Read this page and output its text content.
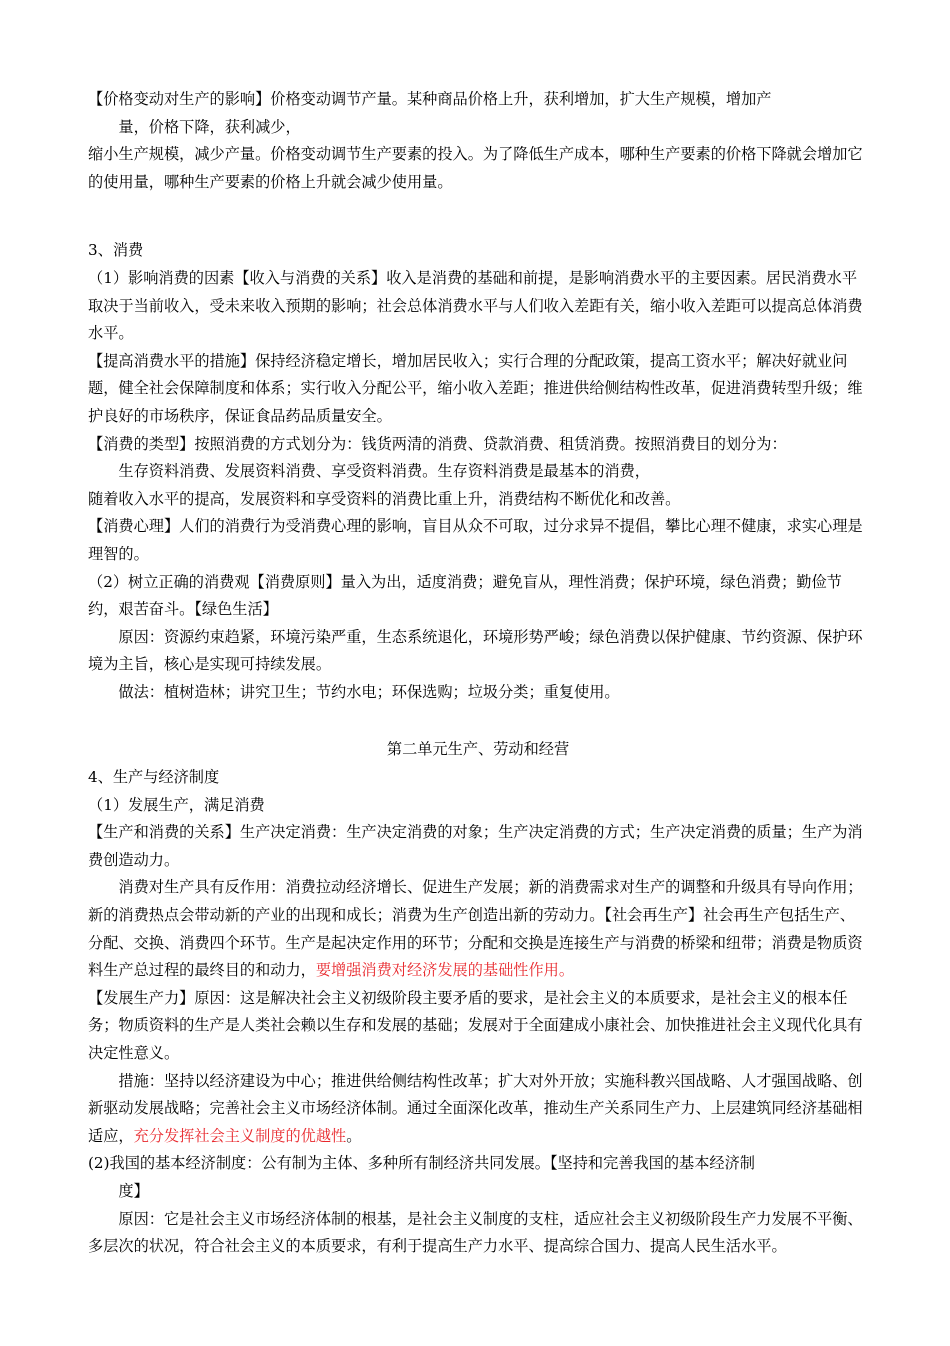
【价格变动对生产的影响】价格变动调节产量。某种商品价格上升，获利增加，扩大生产规模，增加产

量，价格下降，获利减少，

缩小生产规模，减少产量。价格变动调节生产要素的投入。为了降低生产成本，哪种生产要素的价格下降就会增加它的使用量，哪种生产要素的价格上升就会减少使用量。

3、消费

（1）影响消费的因素【收入与消费的关系】收入是消费的基础和前提，是影响消费水平的主要因素。居民消费水平取决于当前收入，受未来收入预期的影响；社会总体消费水平与人们收入差距有关，缩小收入差距可以提高总体消费水平。

【提高消费水平的措施】保持经济稳定增长，增加居民收入；实行合理的分配政策，提高工资水平；解决好就业问题，健全社会保障制度和体系；实行收入分配公平，缩小收入差距；推进供给侧结构性改革，促进消费转型升级；维护良好的市场秩序，保证食品药品质量安全。

【消费的类型】按照消费的方式划分为：钱货两清的消费、贷款消费、租赁消费。按照消费目的划分为：

生存资料消费、发展资料消费、享受资料消费。生存资料消费是最基本的消费，

随着收入水平的提高，发展资料和享受资料的消费比重上升，消费结构不断优化和改善。

【消费心理】人们的消费行为受消费心理的影响，盲目从众不可取，过分求异不提倡，攀比心理不健康，求实心理是理智的。

（2）树立正确的消费观【消费原则】量入为出，适度消费；避免盲从，理性消费；保护环境，绿色消费；勤俭节约，艰苦奋斗。【绿色生活】

原因：资源约束趋紧，环境污染严重，生态系统退化，环境形势严峻；绿色消费以保护健康、节约资源、保护环境为主旨，核心是实现可持续发展。

做法：植树造林；讲究卫生；节约水电；环保选购；垃圾分类；重复使用。

第二单元生产、劳动和经营

4、生产与经济制度

（1）发展生产，满足消费

【生产和消费的关系】生产决定消费：生产决定消费的对象；生产决定消费的方式；生产决定消费的质量；生产为消费创造动力。

消费对生产具有反作用：消费拉动经济增长、促进生产发展；新的消费需求对生产的调整和升级具有导向作用；新的消费热点会带动新的产业的出现和成长；消费为生产创造出新的劳动力。【社会再生产】社会再生产包括生产、分配、交换、消费四个环节。生产是起决定作用的环节；分配和交换是连接生产与消费的桥梁和纽带；消费是物质资料生产总过程的最终目的和动力，要增强消费对经济发展的基础性作用。

【发展生产力】原因：这是解决社会主义初级阶段主要矛盾的要求，是社会主义的本质要求，是社会主义的根本任务；物质资料的生产是人类社会赖以生存和发展的基础；发展对于全面建成小康社会、加快推进社会主义现代化具有决定性意义。

措施：坚持以经济建设为中心；推进供给侧结构性改革；扩大对外开放；实施科教兴国战略、人才强国战略、创新驱动发展战略；完善社会主义市场经济体制。通过全面深化改革，推动生产关系同生产力、上层建筑同经济基础相适应，充分发挥社会主义制度的优越性。

(2)我国的基本经济制度：公有制为主体、多种所有制经济共同发展。【坚持和完善我国的基本经济制

度】

原因：它是社会主义市场经济体制的根基，是社会主义制度的支柱，适应社会主义初级阶段生产力发展不平衡、多层次的状况，符合社会主义的本质要求，有利于提高生产力水平、提高综合国力、提高人民生活水平。
